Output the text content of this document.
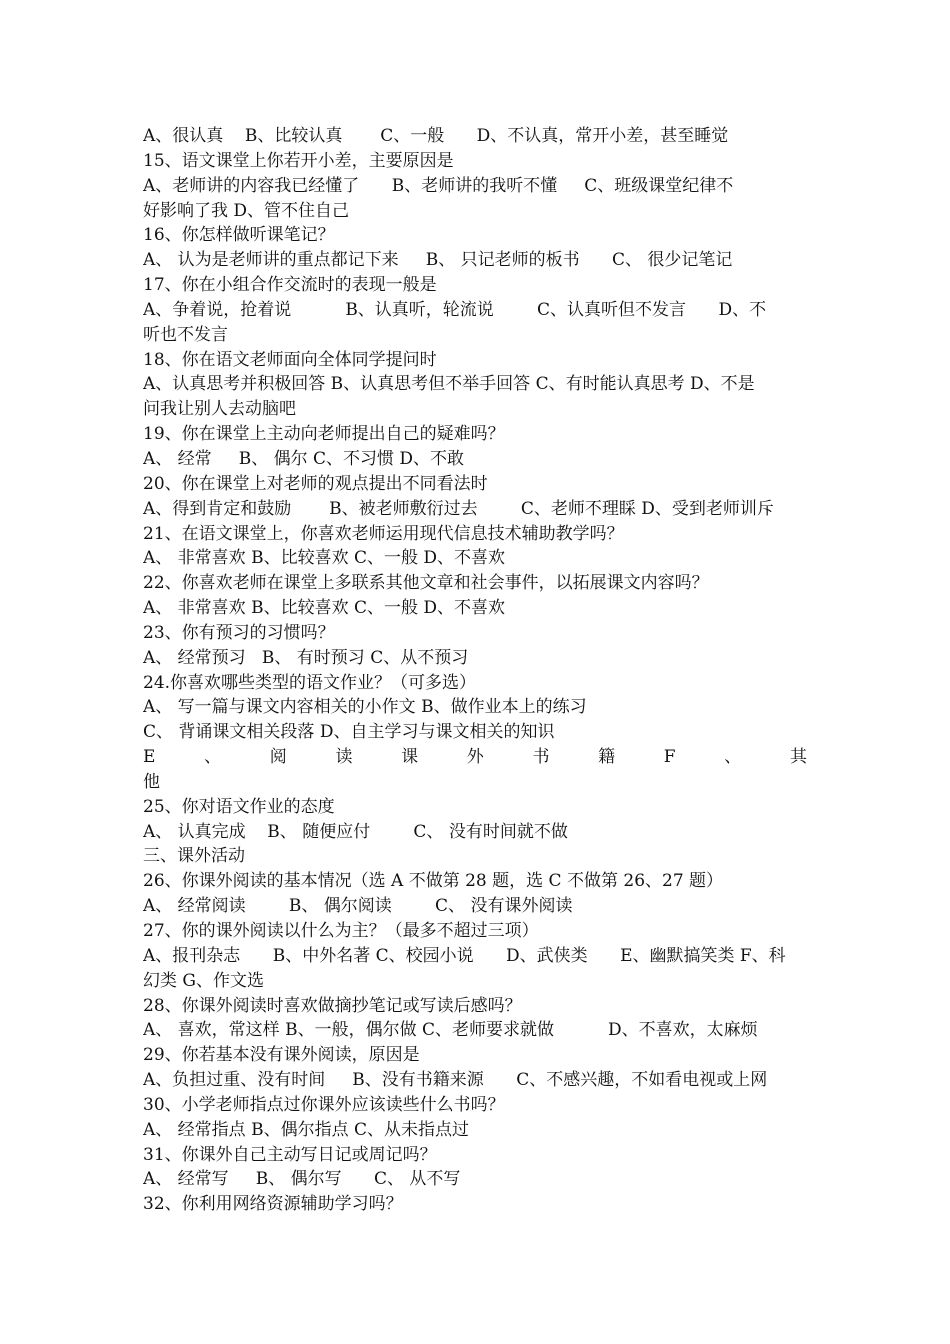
A、很认真    B、比较认真       C、一般      D、不认真，常开小差，甚至睡觉
15、语文课堂上你若开小差，主要原因是
A、老师讲的内容我已经懂了      B、老师讲的我听不懂     C、班级课堂纪律不
好影响了我 D、管不住自己
16、你怎样做听课笔记？
A、 认为是老师讲的重点都记下来     B、 只记老师的板书      C、 很少记笔记
17、你在小组合作交流时的表现一般是
A、争着说，抢着说          B、认真听，轮流说        C、认真听但不发言      D、不
听也不发言
18、你在语文老师面向全体同学提问时
A、认真思考并积极回答 B、认真思考但不举手回答 C、有时能认真思考 D、不是
问我让别人去动脑吧
19、你在课堂上主动向老师提出自己的疑难吗？
A、 经常     B、 偶尔 C、不习惯 D、不敢
20、你在课堂上对老师的观点提出不同看法时
A、得到肯定和鼓励       B、被老师敷衍过去        C、老师不理睬 D、受到老师训斥
21、在语文课堂上，你喜欢老师运用现代信息技术辅助教学吗？
A、 非常喜欢 B、比较喜欢 C、一般 D、不喜欢
22、你喜欢老师在课堂上多联系其他文章和社会事件，以拓展课文内容吗？
A、 非常喜欢 B、比较喜欢 C、一般 D、不喜欢
23、你有预习的习惯吗？
A、 经常预习   B、 有时预习 C、从不预习
24.你喜欢哪些类型的语文作业？（可多选）
A、 写一篇与课文内容相关的小作文 B、做作业本上的练习
C、 背诵课文相关段落 D、自主学习与课文相关的知识
E	、	阅	读	课	外	书	籍	F	、	其
他
25、你对语文作业的态度
A、 认真完成    B、 随便应付        C、 没有时间就不做
三、课外活动
26、你课外阅读的基本情况（选 A 不做第 28 题，选 C 不做第 26、27 题）
A、 经常阅读        B、 偶尔阅读        C、 没有课外阅读
27、你的课外阅读以什么为主？（最多不超过三项）
A、报刊杂志      B、中外名著 C、校园小说      D、武侠类      E、幽默搞笑类 F、科
幻类 G、作文选
28、你课外阅读时喜欢做摘抄笔记或写读后感吗？
A、 喜欢，常这样 B、一般，偶尔做 C、老师要求就做          D、不喜欢，太麻烦
29、你若基本没有课外阅读，原因是
A、负担过重、没有时间     B、没有书籍来源      C、不感兴趣，不如看电视或上网
30、小学老师指点过你课外应该读些什么书吗？
A、 经常指点 B、偶尔指点 C、从未指点过
31、你课外自己主动写日记或周记吗？
A、 经常写     B、 偶尔写      C、 从不写
32、你利用网络资源辅助学习吗？
